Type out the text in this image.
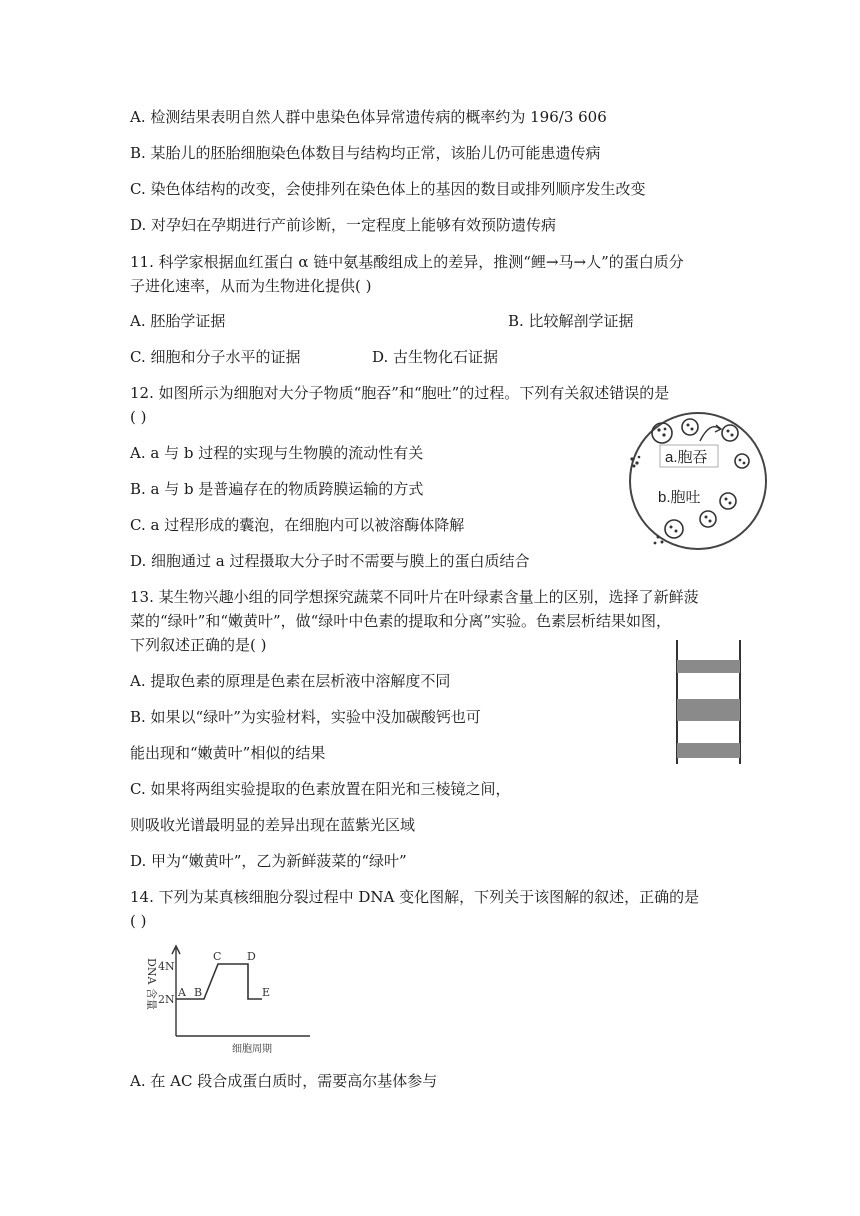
A. 检测结果表明自然人群中患染色体异常遗传病的概率约为 196/3 606
B. 某胎儿的胚胎细胞染色体数目与结构均正常，该胎儿仍可能患遗传病
C. 染色体结构的改变，会使排列在染色体上的基因的数目或排列顺序发生改变
D. 对孕妇在孕期进行产前诊断，一定程度上能够有效预防遗传病
11. 科学家根据血红蛋白 α 链中氨基酸组成上的差异，推测“鲤→马→人”的蛋白质分
子进化速率，从而为生物进化提供( )
A. 胚胎学证据	B. 比较解剖学证据
C. 细胞和分子水平的证据	D. 古生物化石证据
12. 如图所示为细胞对大分子物质“胞吞”和“胞吐”的过程。下列有关叙述错误的是
( )
A. a 与 b 过程的实现与生物膜的流动性有关
B. a 与 b 是普遍存在的物质跨膜运输的方式
C. a 过程形成的囊泡，在细胞内可以被溶酶体降解
D. 细胞通过 a 过程摄取大分子时不需要与膜上的蛋白质结合
a.胞吞
b.胞吐
13. 某生物兴趣小组的同学想探究蔬菜不同叶片在叶绿素含量上的区别，选择了新鲜菠
菜的“绿叶”和“嫩黄叶”，做“绿叶中色素的提取和分离”实验。色素层析结果如图，
下列叙述正确的是( )
A. 提取色素的原理是色素在层析液中溶解度不同
B. 如果以“绿叶”为实验材料，实验中没加碳酸钙也可
能出现和“嫩黄叶”相似的结果
C. 如果将两组实验提取的色素放置在阳光和三棱镜之间，
则吸收光谱最明显的差异出现在蓝紫光区域
D. 甲为“嫩黄叶”，乙为新鲜菠菜的“绿叶”
14. 下列为某真核细胞分裂过程中 DNA 变化图解，下列关于该图解的叙述，正确的是
( )
4N
2N
DNA 含量 A B
C D
E
细胞周期
A. 在 AC 段合成蛋白质时，需要高尔基体参与
